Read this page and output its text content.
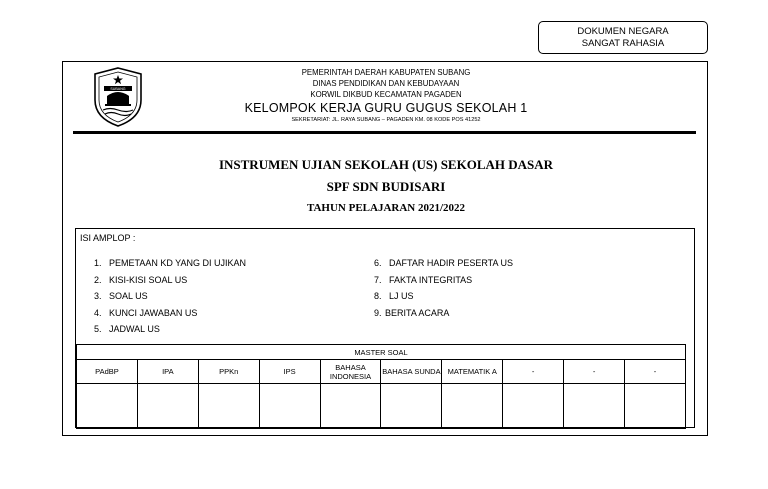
DOKUMEN NEGARA
SANGAT RAHASIA
SUBANG
PEMERINTAH DAERAH KABUPATEN SUBANG
DINAS PENDIDIKAN DAN KEBUDAYAAN
KORWIL DIKBUD KECAMATAN PAGADEN
KELOMPOK KERJA GURU GUGUS SEKOLAH 1
SEKRETARIAT: JL. RAYA SUBANG – PAGADEN KM. 08 KODE POS 41252
INSTRUMEN UJIAN SEKOLAH (US) SEKOLAH DASAR
SPF SDN BUDISARI
TAHUN PELAJARAN 2021/2022
ISI AMPLOP :
1. PEMETAAN KD YANG DI UJIKAN
2. KISI-KISI SOAL US
3. SOAL US
4. KUNCI JAWABAN US
5. JADWAL US
6. DAFTAR HADIR PESERTA US
7. FAKTA INTEGRITAS
8. LJ US
9. BERITA ACARA
MASTER SOAL									
PAdBP	IPA	PPKn	IPS	BAHASA INDONESIA	BAHASA SUNDA	MATEMATIK A	-	-	-
